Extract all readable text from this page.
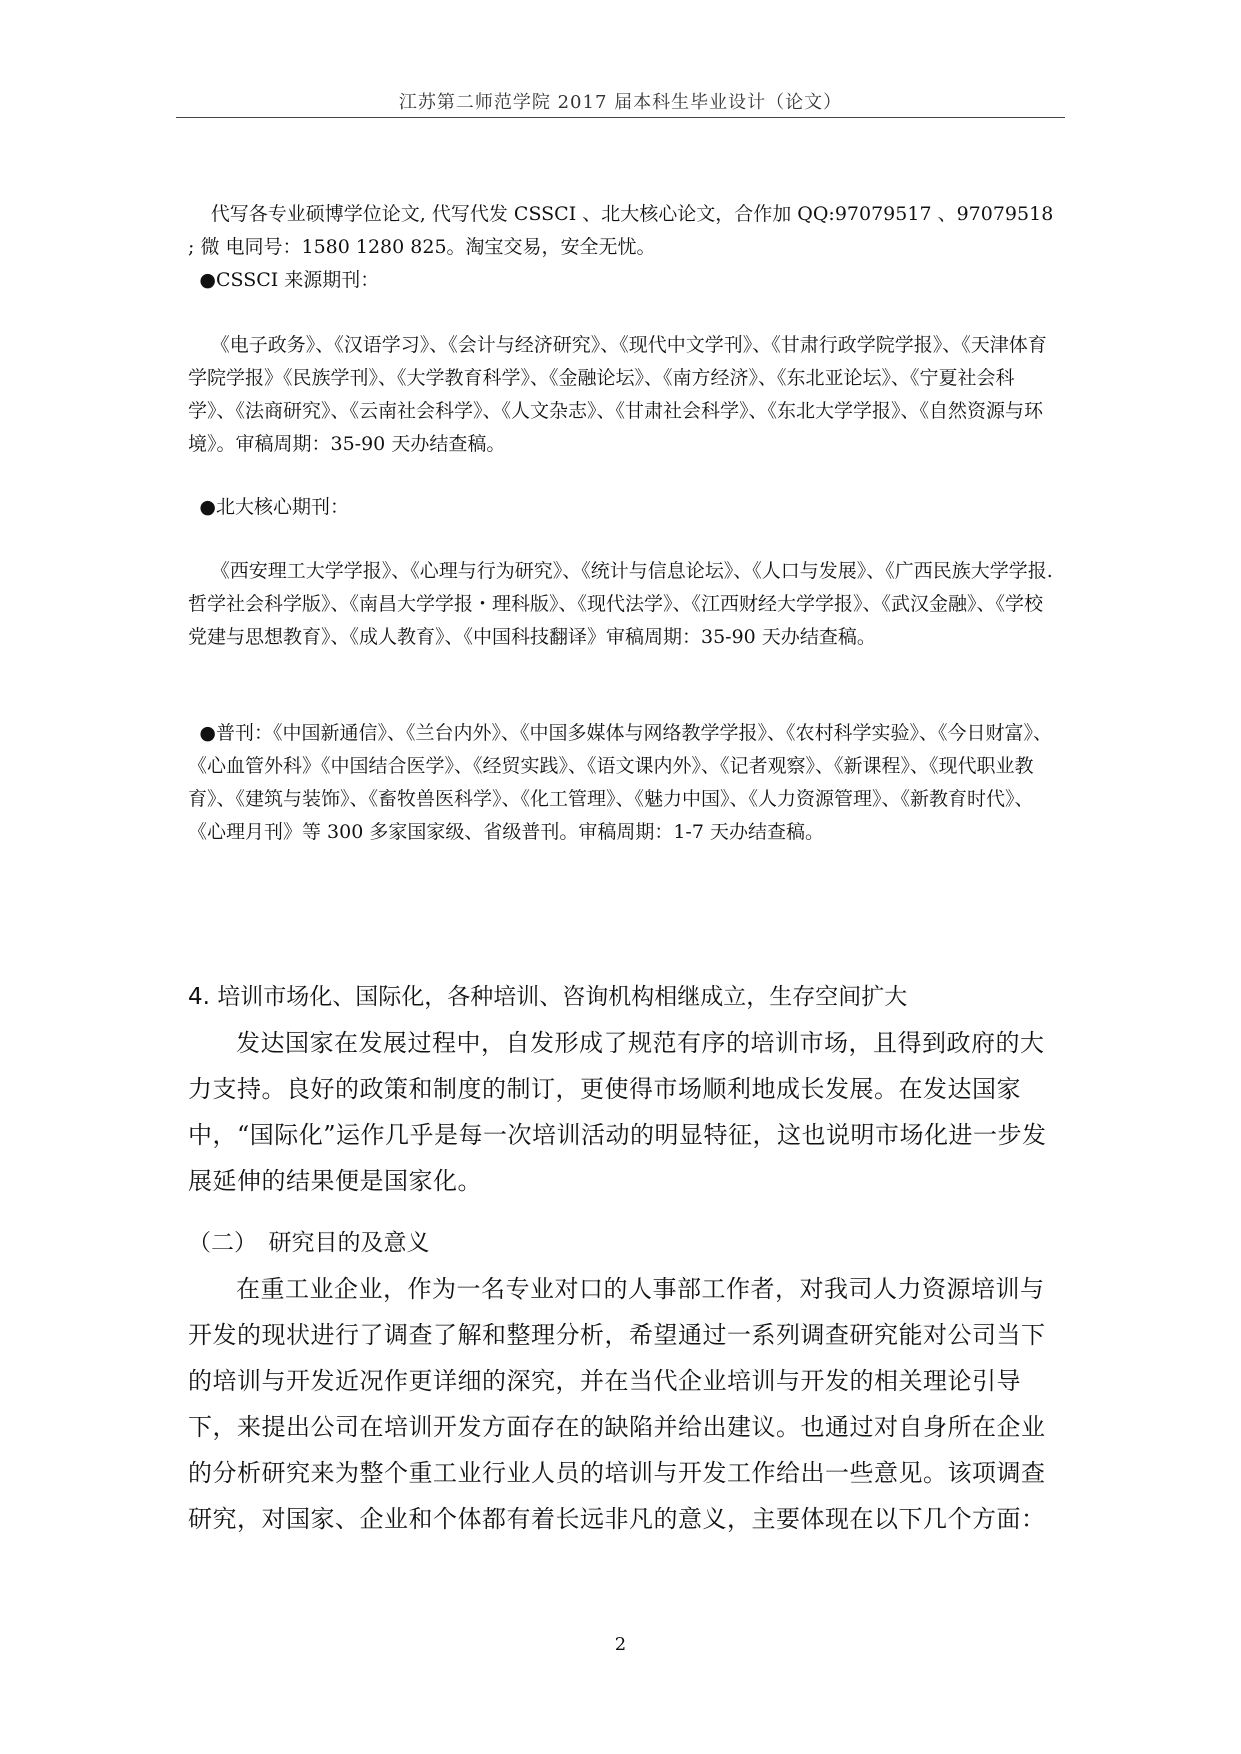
江苏第二师范学院 2017 届本科生毕业设计（论文）

代写各专业硕博学位论文, 代写代发 CSSCI 、北大核心论文，合作加 QQ:97079517 、97079518 ; 微 电同号：1580 1280 825。淘宝交易，安全无忧。

●CSSCI 来源期刊：

《电子政务》、《汉语学习》、《会计与经济研究》、《现代中文学刊》、《甘肃行政学院学报》、《天津体育学院学报》《民族学刊》、《大学教育科学》、《金融论坛》、《南方经济》、《东北亚论坛》、《宁夏社会科学》、《法商研究》、《云南社会科学》、《人文杂志》、《甘肃社会科学》、《东北大学学报》、《自然资源与环境》。审稿周期：35-90 天办结查稿。

●北大核心期刊：

《西安理工大学学报》、《心理与行为研究》、《统计与信息论坛》、《人口与发展》、《广西民族大学学报.哲学社会科学版》、《南昌大学学报・理科版》、《现代法学》、《江西财经大学学报》、《武汉金融》、《学校党建与思想教育》、《成人教育》、《中国科技翻译》审稿周期：35-90 天办结查稿。

●普刊：《中国新通信》、《兰台内外》、《中国多媒体与网络教学学报》、《农村科学实验》、《今日财富》、《心血管外科》《中国结合医学》、《经贸实践》、《语文课内外》、《记者观察》、《新课程》、《现代职业教育》、《建筑与装饰》、《畜牧兽医科学》、《化工管理》、《魅力中国》、《人力资源管理》、《新教育时代》、《心理月刊》等 300 多家国家级、省级普刊。审稿周期：1-7 天办结查稿。

4. 培训市场化、国际化，各种培训、咨询机构相继成立，生存空间扩大

发达国家在发展过程中，自发形成了规范有序的培训市场，且得到政府的大力支持。良好的政策和制度的制订，更使得市场顺利地成长发展。在发达国家中，“国际化”运作几乎是每一次培训活动的明显特征，这也说明市场化进一步发展延伸的结果便是国家化。

（二）　研究目的及意义

在重工业企业，作为一名专业对口的人事部工作者，对我司人力资源培训与开发的现状进行了调查了解和整理分析，希望通过一系列调查研究能对公司当下的培训与开发近况作更详细的深究，并在当代企业培训与开发的相关理论引导下，来提出公司在培训开发方面存在的缺陷并给出建议。也通过对自身所在企业的分析研究来为整个重工业行业人员的培训与开发工作给出一些意见。该项调查研究，对国家、企业和个体都有着长远非凡的意义，主要体现在以下几个方面：

2
